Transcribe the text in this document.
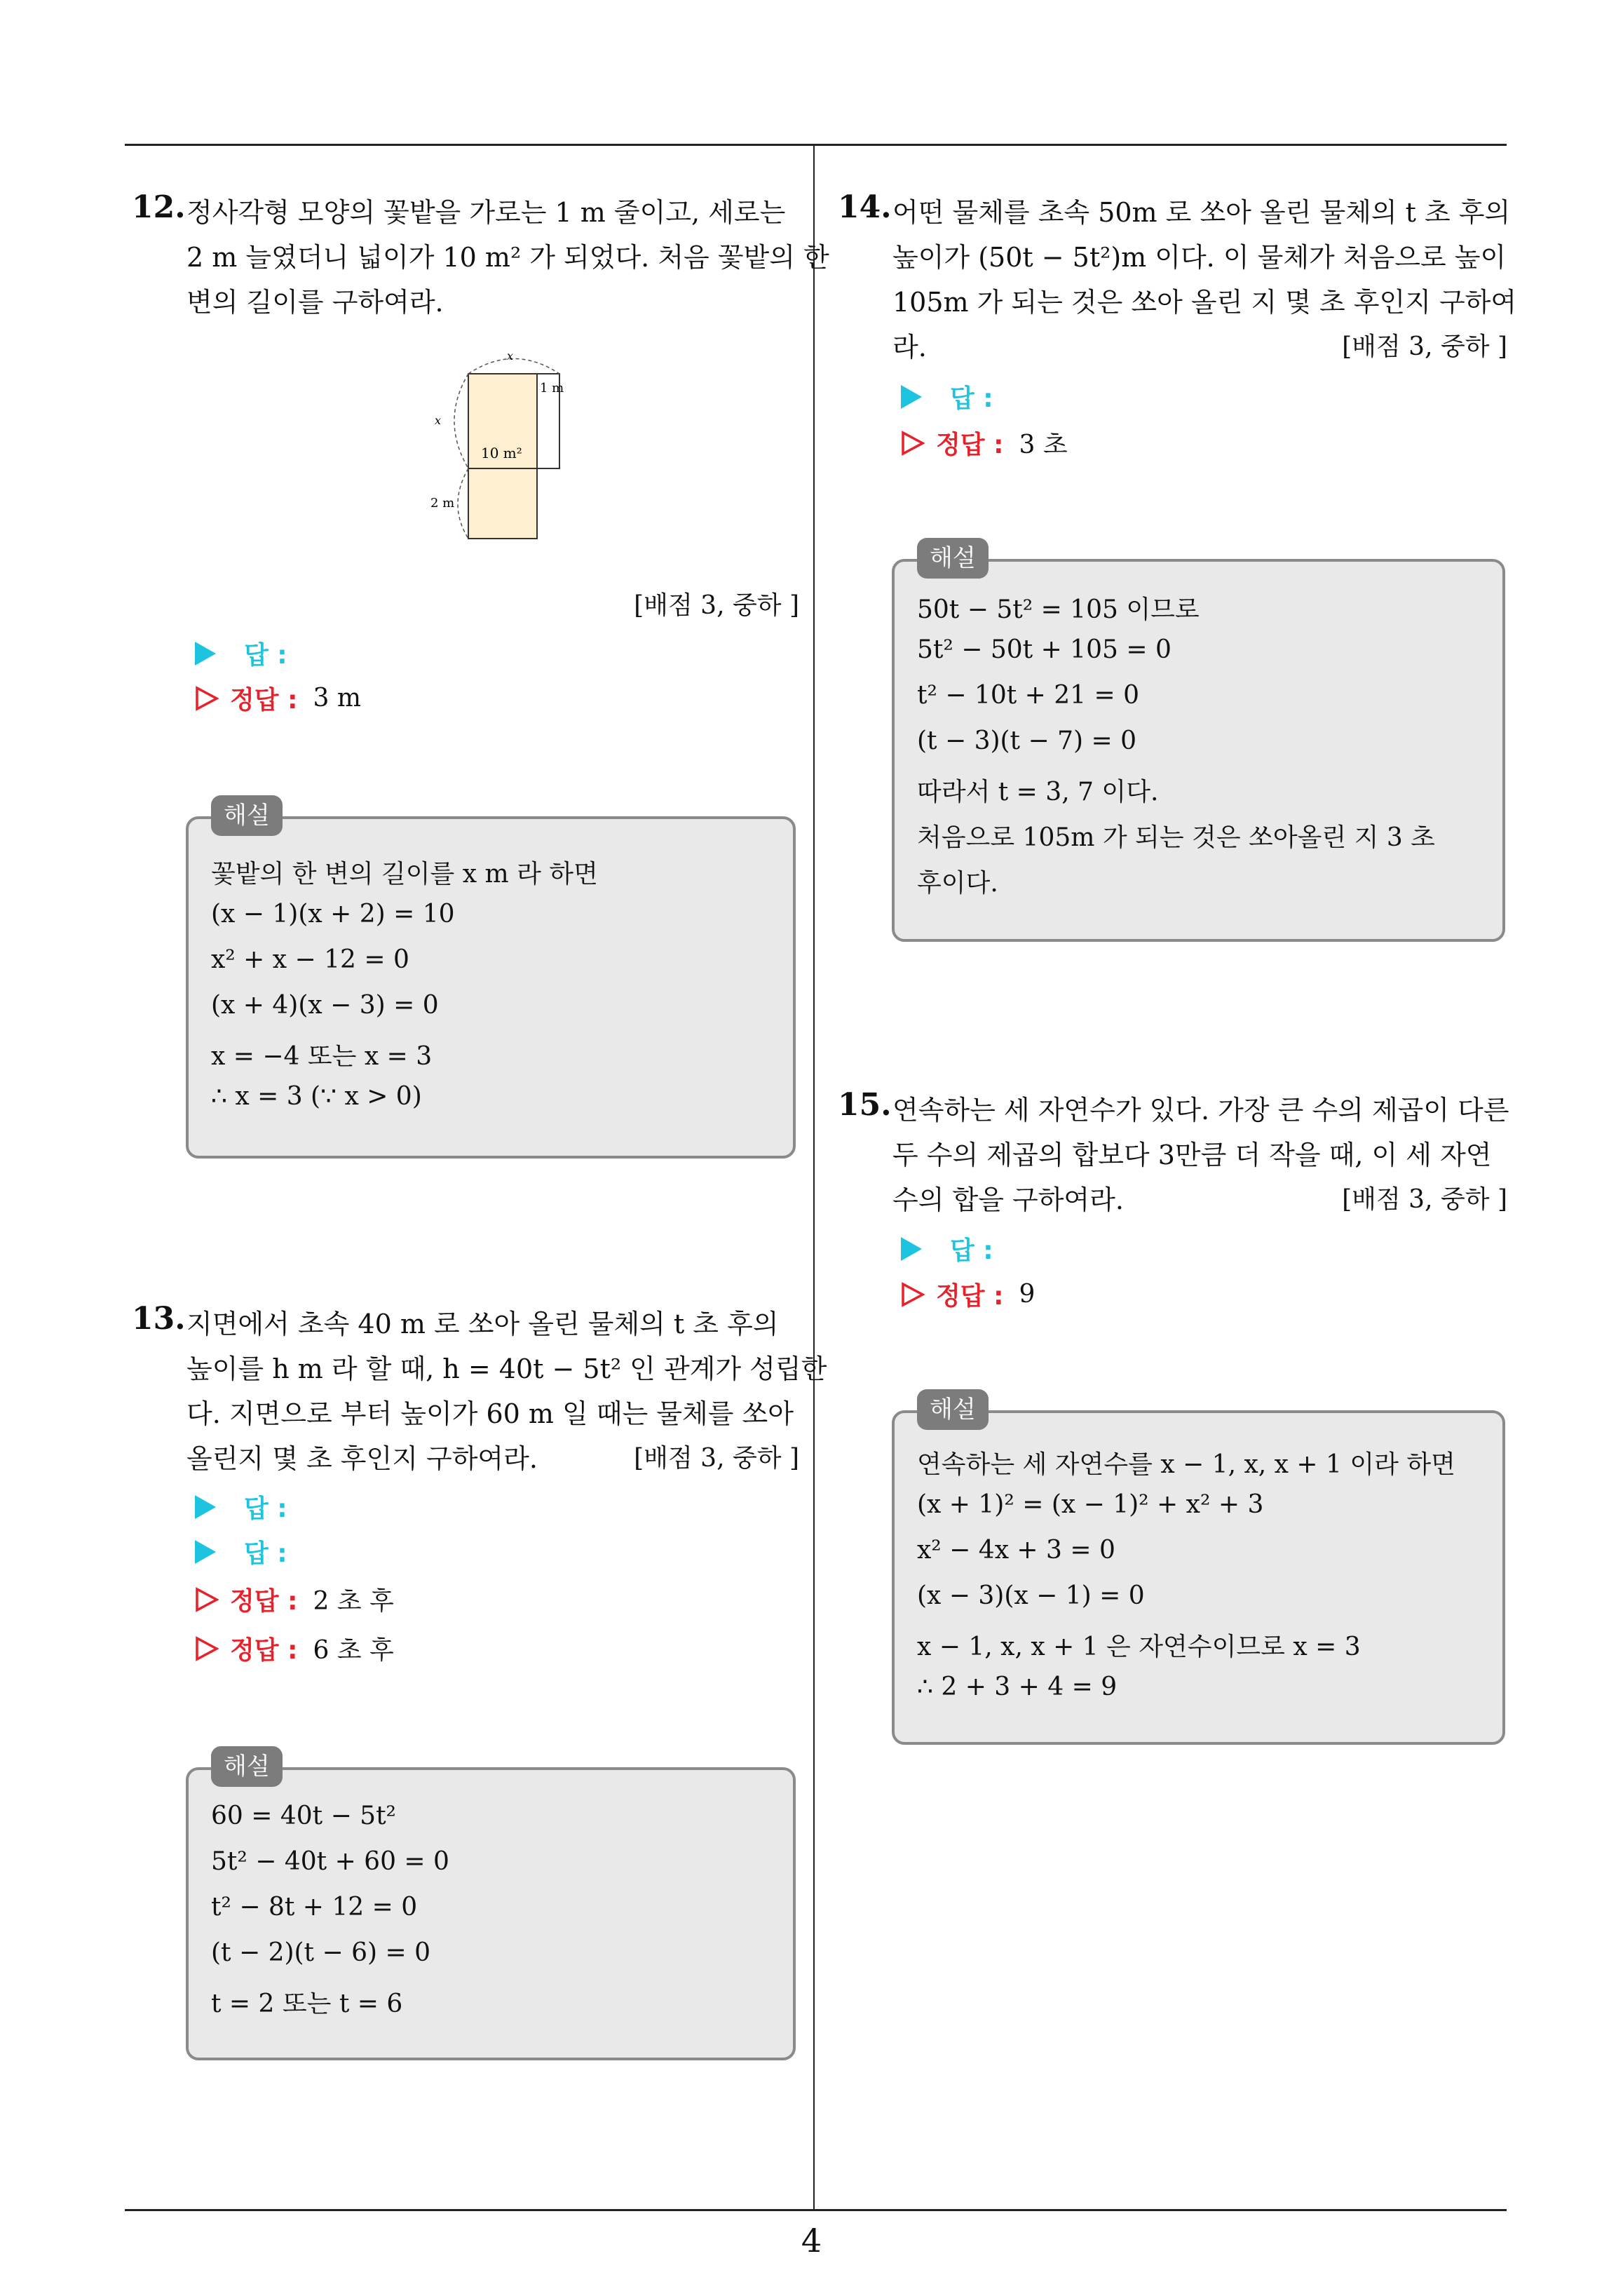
4
12. 정사각형 모양의 꽃밭을 가로는 1 m 줄이고, 세로는
2 m 늘였더니 넓이가 10 m² 가 되었다. 처음 꽃밭의 한
변의 길이를 구하여라.
x
x
10 m²
1 m
2 m
[배점 3, 중하 ]
답 :
정답 : 3 m
해설
꽃밭의 한 변의 길이를 x m 라 하면
(x − 1)(x + 2) = 10
x² + x − 12 = 0
(x + 4)(x − 3) = 0
x = −4 또는 x = 3
∴ x = 3 (∵ x > 0)
13. 지면에서 초속 40 m 로 쏘아 올린 물체의 t 초 후의
높이를 h m 라 할 때, h = 40t − 5t² 인 관계가 성립한
다. 지면으로 부터 높이가 60 m 일 때는 물체를 쏘아
올린지 몇 초 후인지 구하여라.	[배점 3, 중하 ]
답 :
답 :
정답 : 2 초 후
정답 : 6 초 후
해설
60 = 40t − 5t²
5t² − 40t + 60 = 0
t² − 8t + 12 = 0
(t − 2)(t − 6) = 0
t = 2 또는 t = 6
14. 어떤 물체를 초속 50m 로 쏘아 올린 물체의 t 초 후의
높이가 (50t − 5t²)m 이다. 이 물체가 처음으로 높이
105m 가 되는 것은 쏘아 올린 지 몇 초 후인지 구하여
라.	[배점 3, 중하 ]
답 :
정답 : 3 초
해설
50t − 5t² = 105 이므로
5t² − 50t + 105 = 0
t² − 10t + 21 = 0
(t − 3)(t − 7) = 0
따라서 t = 3, 7 이다.
처음으로 105m 가 되는 것은 쏘아올린 지 3 초
후이다.
15. 연속하는 세 자연수가 있다. 가장 큰 수의 제곱이 다른
두 수의 제곱의 합보다 3만큼 더 작을 때, 이 세 자연
수의 합을 구하여라.	[배점 3, 중하 ]
답 :
정답 : 9
해설
연속하는 세 자연수를 x − 1, x, x + 1 이라 하면
(x + 1)² = (x − 1)² + x² + 3
x² − 4x + 3 = 0
(x − 3)(x − 1) = 0
x − 1, x, x + 1 은 자연수이므로 x = 3
∴ 2 + 3 + 4 = 9
